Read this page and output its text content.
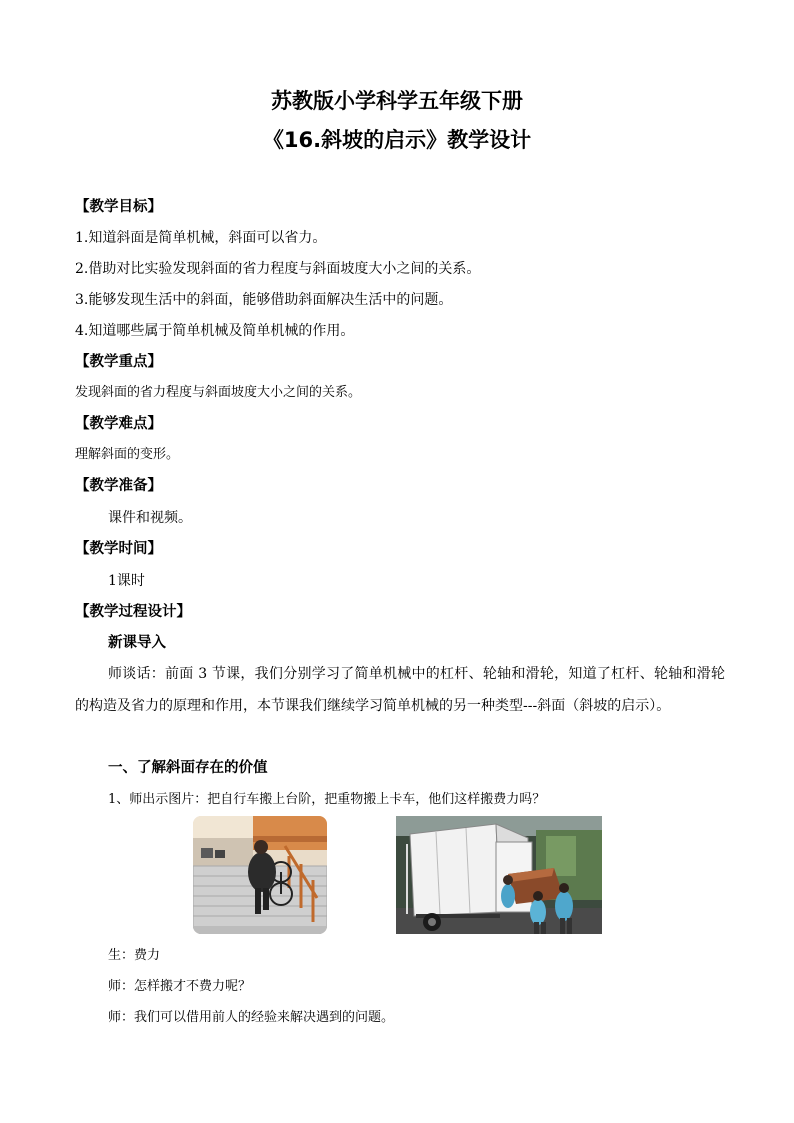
苏教版小学科学五年级下册
《16.斜坡的启示》教学设计
【教学目标】
1.知道斜面是简单机械，斜面可以省力。
2.借助对比实验发现斜面的省力程度与斜面坡度大小之间的关系。
3.能够发现生活中的斜面，能够借助斜面解决生活中的问题。
4.知道哪些属于简单机械及简单机械的作用。
【教学重点】
发现斜面的省力程度与斜面坡度大小之间的关系。
【教学难点】
理解斜面的变形。
【教学准备】
课件和视频。
【教学时间】
1课时
【教学过程设计】
新课导入
师谈话：前面 3 节课，我们分别学习了简单机械中的杠杆、轮轴和滑轮，知道了杠杆、轮轴和滑轮的构造及省力的原理和作用，本节课我们继续学习简单机械的另一种类型---斜面（斜坡的启示）。
一、了解斜面存在的价值
1、师出示图片：把自行车搬上台阶，把重物搬上卡车，他们这样搬费力吗？
生：费力
师：怎样搬才不费力呢？
师：我们可以借用前人的经验来解决遇到的问题。
